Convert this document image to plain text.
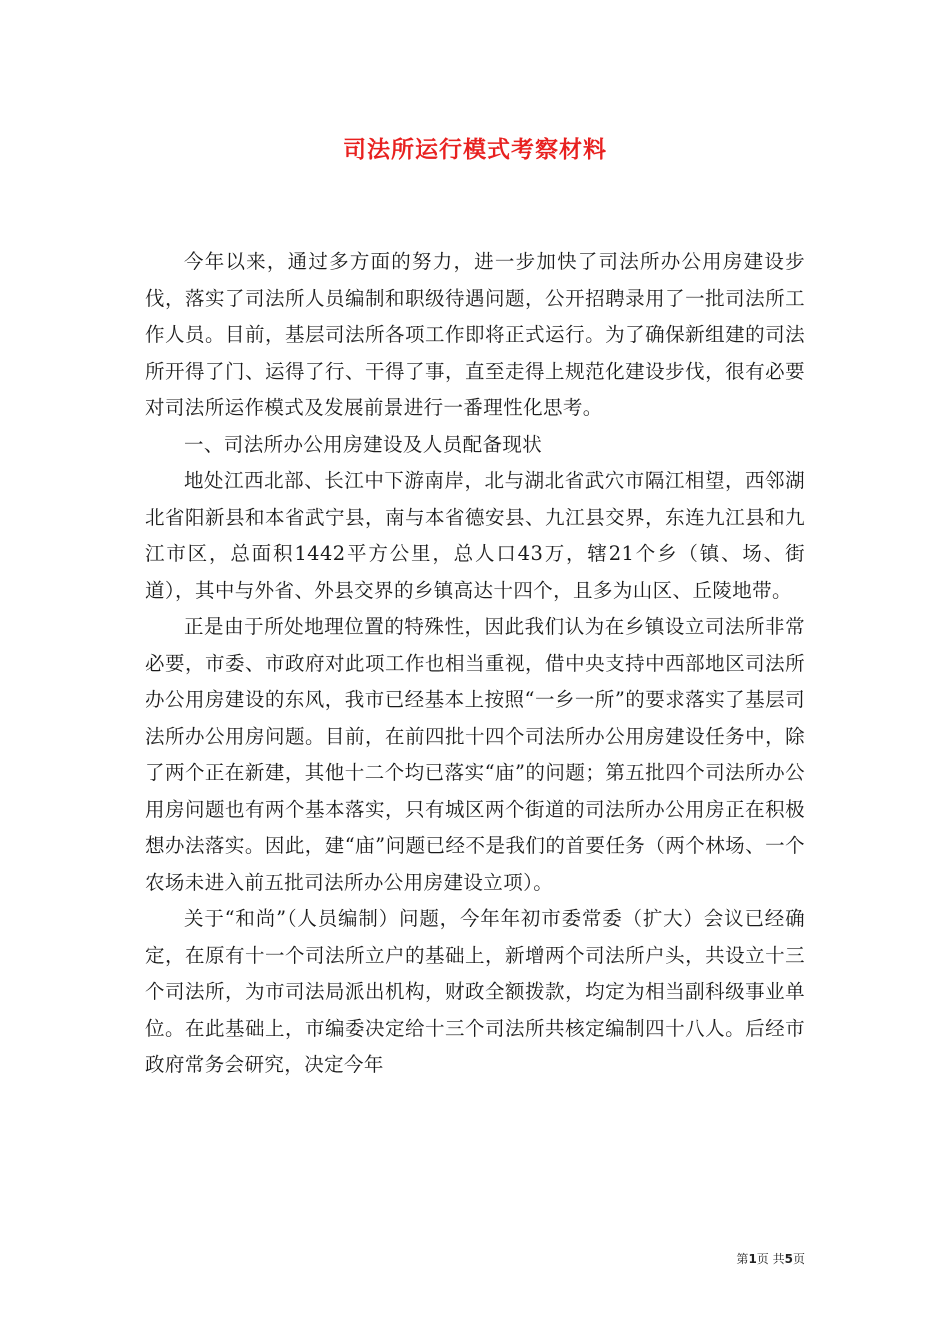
司法所运行模式考察材料

今年以来，通过多方面的努力，进一步加快了司法所办公用房建设步伐，落实了司法所人员编制和职级待遇问题，公开招聘录用了一批司法所工作人员。目前，基层司法所各项工作即将正式运行。为了确保新组建的司法所开得了门、运得了行、干得了事，直至走得上规范化建设步伐，很有必要对司法所运作模式及发展前景进行一番理性化思考。

一、司法所办公用房建设及人员配备现状

地处江西北部、长江中下游南岸，北与湖北省武穴市隔江相望，西邻湖北省阳新县和本省武宁县，南与本省德安县、九江县交界，东连九江县和九江市区，总面积1442平方公里，总人口43万，辖21个乡（镇、场、街道），其中与外省、外县交界的乡镇高达十四个，且多为山区、丘陵地带。

正是由于所处地理位置的特殊性，因此我们认为在乡镇设立司法所非常必要，市委、市政府对此项工作也相当重视，借中央支持中西部地区司法所办公用房建设的东风，我市已经基本上按照“一乡一所”的要求落实了基层司法所办公用房问题。目前，在前四批十四个司法所办公用房建设任务中，除了两个正在新建，其他十二个均已落实“庙”的问题；第五批四个司法所办公用房问题也有两个基本落实，只有城区两个街道的司法所办公用房正在积极想办法落实。因此，建“庙”问题已经不是我们的首要任务（两个林场、一个农场未进入前五批司法所办公用房建设立项）。

关于“和尚”（人员编制）问题，今年年初市委常委（扩大）会议已经确定，在原有十一个司法所立户的基础上，新增两个司法所户头，共设立十三个司法所，为市司法局派出机构，财政全额拨款，均定为相当副科级事业单位。在此基础上，市编委决定给十三个司法所共核定编制四十八人。后经市政府常务会研究，决定今年

第1页 共5页
